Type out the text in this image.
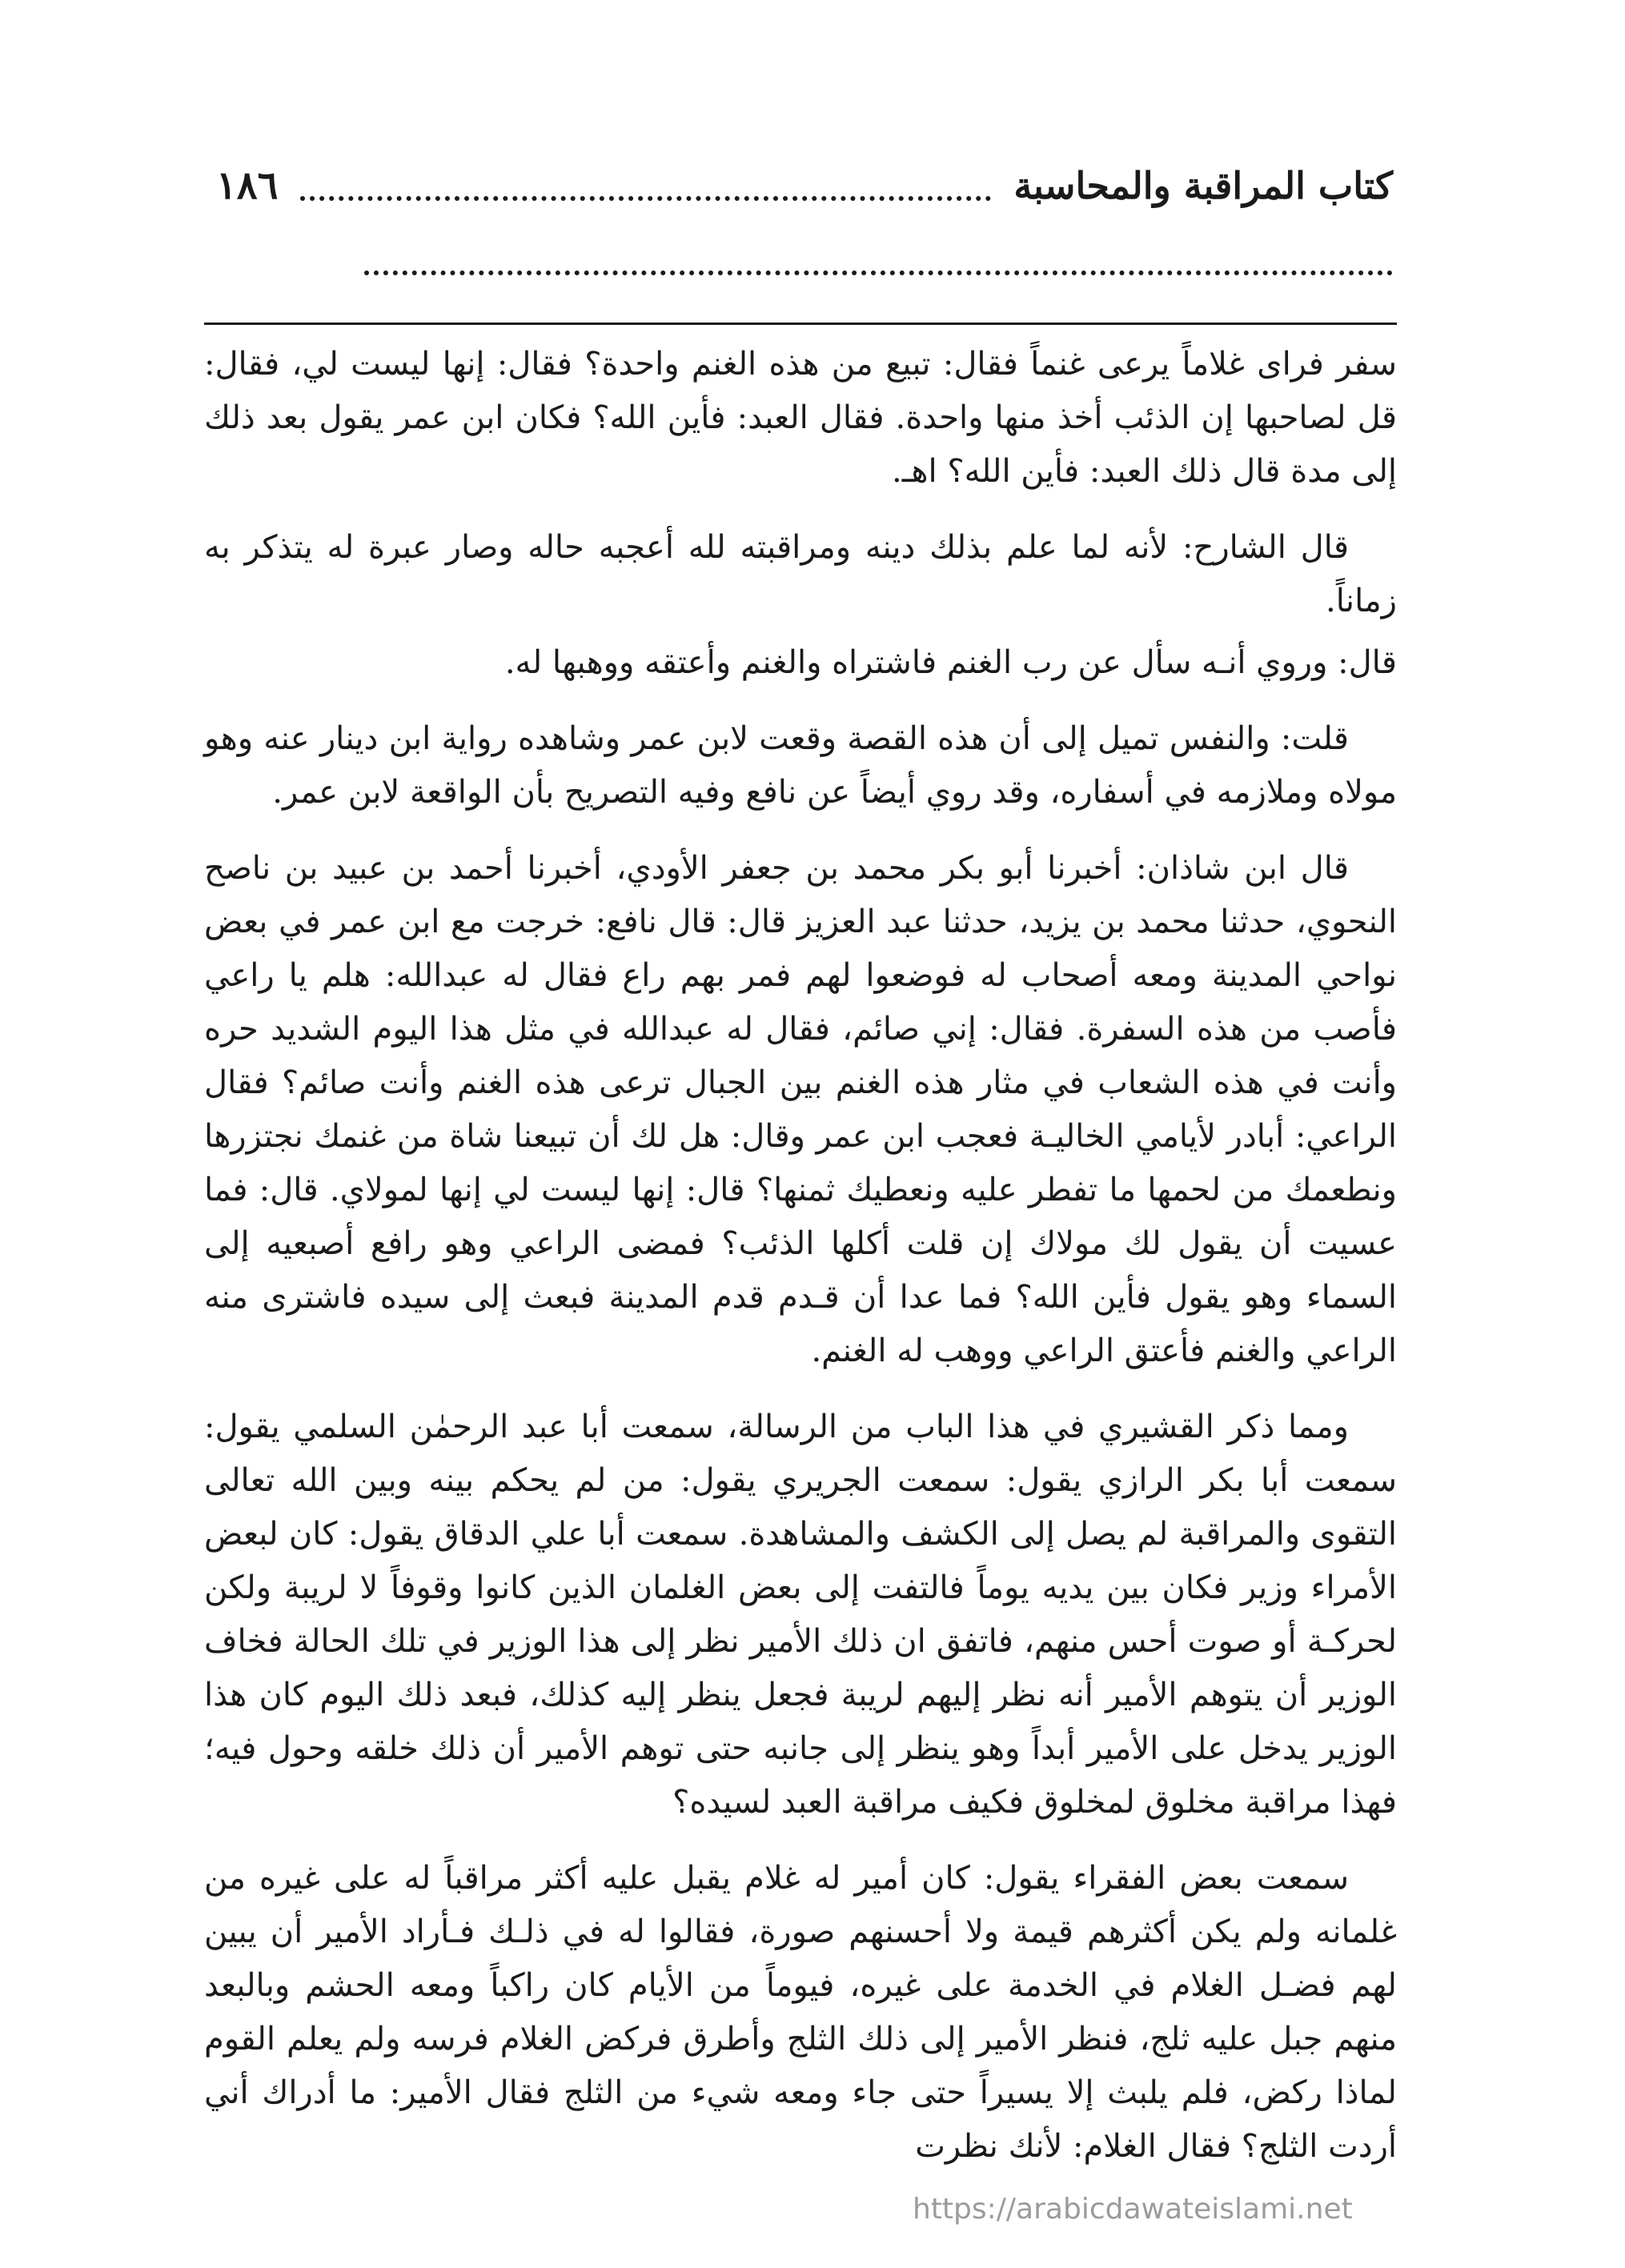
كتاب المراقبة والمحاسبة
١٨٦

سفر فراى غلاماً يرعى غنماً فقال: تبيع من هذه الغنم واحدة؟ فقال: إنها ليست لي، فقال: قل لصاحبها إن الذئب أخذ منها واحدة. فقال العبد: فأين الله؟ فكان ابن عمر يقول بعد ذلك إلى مدة قال ذلك العبد: فأين الله؟ اهـ.

قال الشارح: لأنه لما علم بذلك دينه ومراقبته لله أعجبه حاله وصار عبرة له يتذكر به زماناً.

قال: وروي أنـه سأل عن رب الغنم فاشتراه والغنم وأعتقه ووهبها له.

قلت: والنفس تميل إلى أن هذه القصة وقعت لابن عمر وشاهده رواية ابن دينار عنه وهو مولاه وملازمه في أسفاره، وقد روي أيضاً عن نافع وفيه التصريح بأن الواقعة لابن عمر.

قال ابن شاذان: أخبرنا أبو بكر محمد بن جعفر الأودي، أخبرنا أحمد بن عبيد بن ناصح النحوي، حدثنا محمد بن يزيد، حدثنا عبد العزيز قال: قال نافع: خرجت مع ابن عمر في بعض نواحي المدينة ومعه أصحاب له فوضعوا لهم فمر بهم راع فقال له عبدالله: هلم يا راعي فأصب من هذه السفرة. فقال: إني صائم، فقال له عبدالله في مثل هذا اليوم الشديد حره وأنت في هذه الشعاب في مثار هذه الغنم بين الجبال ترعى هذه الغنم وأنت صائم؟ فقال الراعي: أبادر لأيامي الخاليـة فعجب ابن عمر وقال: هل لك أن تبيعنا شاة من غنمك نجتزرها ونطعمك من لحمها ما تفطر عليه ونعطيك ثمنها؟ قال: إنها ليست لي إنها لمولاي. قال: فما عسيت أن يقول لك مولاك إن قلت أكلها الذئب؟ فمضى الراعي وهو رافع أصبعيه إلى السماء وهو يقول فأين الله؟ فما عدا أن قـدم قدم المدينة فبعث إلى سيده فاشترى منه الراعي والغنم فأعتق الراعي ووهب له الغنم.

ومما ذكر القشيري في هذا الباب من الرسالة، سمعت أبا عبد الرحمٰن السلمي يقول: سمعت أبا بكر الرازي يقول: سمعت الجريري يقول: من لم يحكم بينه وبين الله تعالى التقوى والمراقبة لم يصل إلى الكشف والمشاهدة. سمعت أبا علي الدقاق يقول: كان لبعض الأمراء وزير فكان بين يديه يوماً فالتفت إلى بعض الغلمان الذين كانوا وقوفاً لا لريبة ولكن لحركـة أو صوت أحس منهم، فاتفق ان ذلك الأمير نظر إلى هذا الوزير في تلك الحالة فخاف الوزير أن يتوهم الأمير أنه نظر إليهم لريبة فجعل ينظر إليه كذلك، فبعد ذلك اليوم كان هذا الوزير يدخل على الأمير أبداً وهو ينظر إلى جانبه حتى توهم الأمير أن ذلك خلقه وحول فيه؛ فهذا مراقبة مخلوق لمخلوق فكيف مراقبة العبد لسيده؟

سمعت بعض الفقراء يقول: كان أمير له غلام يقبل عليه أكثر مراقباً له على غيره من غلمانه ولم يكن أكثرهم قيمة ولا أحسنهم صورة، فقالوا له في ذلـك فـأراد الأمير أن يبين لهم فضـل الغلام في الخدمة على غيره، فيوماً من الأيام كان راكباً ومعه الحشم وبالبعد منهم جبل عليه ثلج، فنظر الأمير إلى ذلك الثلج وأطرق فركض الغلام فرسه ولم يعلم القوم لماذا ركض، فلم يلبث إلا يسيراً حتى جاء ومعه شيء من الثلج فقال الأمير: ما أدراك أني أردت الثلج؟ فقال الغلام: لأنك نظرت

https://arabicdawateislami.net
